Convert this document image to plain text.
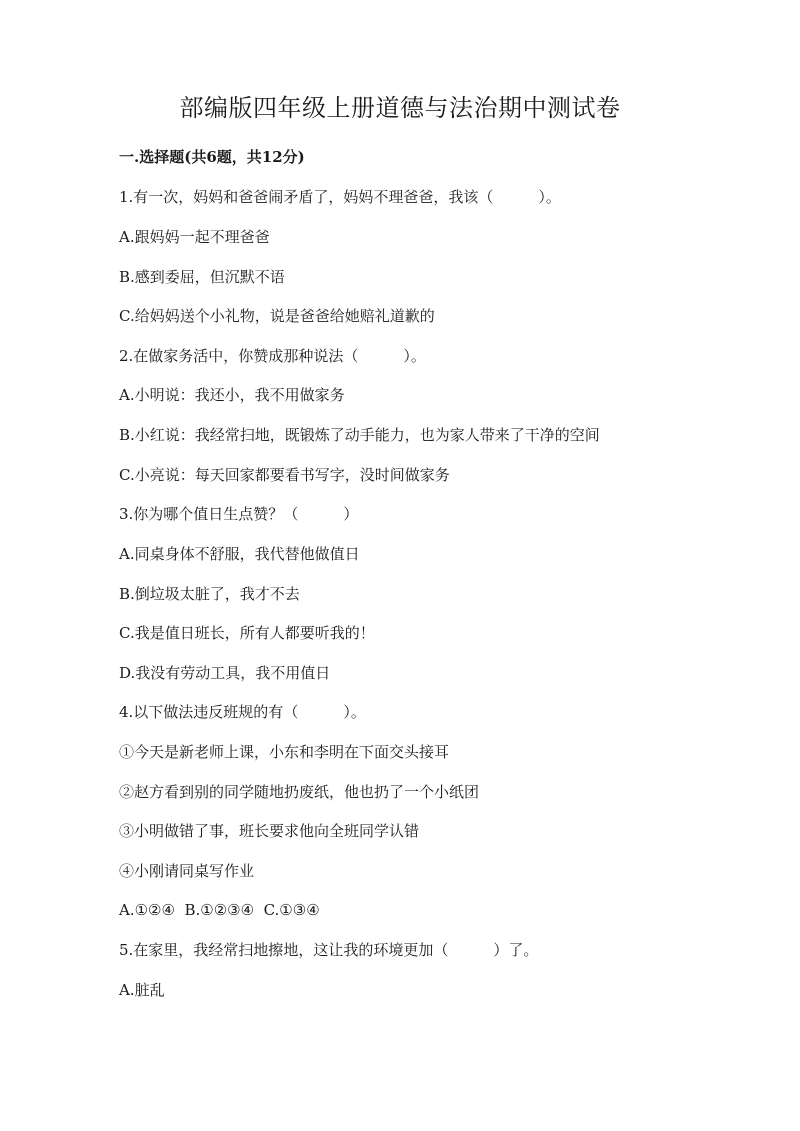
部编版四年级上册道德与法治期中测试卷

一.选择题(共6题，共12分)

1.有一次，妈妈和爸爸闹矛盾了，妈妈不理爸爸，我该（　　　）。

A.跟妈妈一起不理爸爸

B.感到委屈，但沉默不语

C.给妈妈送个小礼物，说是爸爸给她赔礼道歉的

2.在做家务活中，你赞成那种说法（　　　）。

A.小明说：我还小，我不用做家务

B.小红说：我经常扫地，既锻炼了动手能力，也为家人带来了干净的空间

C.小亮说：每天回家都要看书写字，没时间做家务

3.你为哪个值日生点赞？（　　　）

A.同桌身体不舒服，我代替他做值日

B.倒垃圾太脏了，我才不去

C.我是值日班长，所有人都要听我的！

D.我没有劳动工具，我不用值日

4.以下做法违反班规的有（　　　）。

①今天是新老师上课，小东和李明在下面交头接耳

②赵方看到别的同学随地扔废纸，他也扔了一个小纸团

③小明做错了事，班长要求他向全班同学认错

④小刚请同桌写作业

A.①②④  B.①②③④  C.①③④

5.在家里，我经常扫地擦地，这让我的环境更加（　　　）了。

A.脏乱
